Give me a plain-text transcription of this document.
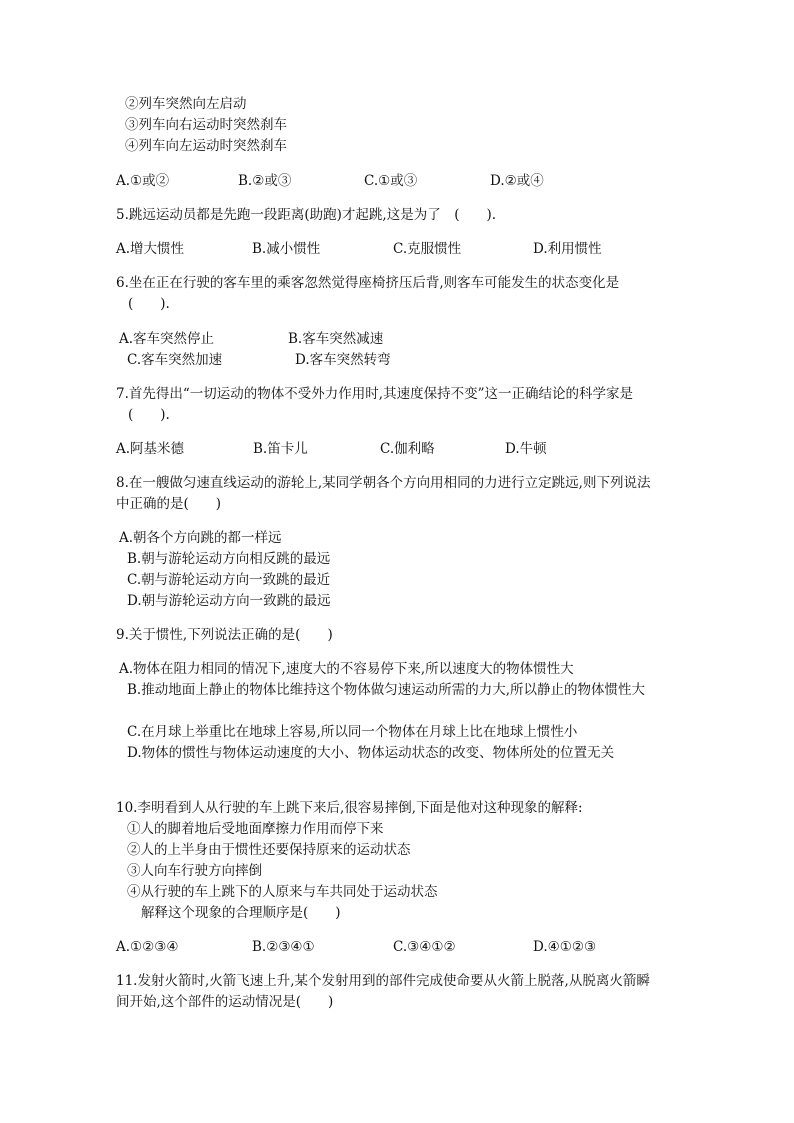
②列车突然向左启动
③列车向右运动时突然刹车
④列车向左运动时突然刹车
A.①或②	B.②或③	C.①或③	D.②或④
5.跳远运动员都是先跑一段距离(助跑)才起跳,这是为了　(　　).
A.增大惯性	B.减小惯性	C.克服惯性	D.利用惯性
6.坐在正在行驶的客车里的乘客忽然觉得座椅挤压后背,则客车可能发生的状态变化是
(　　).
A.客车突然停止	B.客车突然减速
C.客车突然加速	D.客车突然转弯
7.首先得出“一切运动的物体不受外力作用时,其速度保持不变”这一正确结论的科学家是
(　　).
A.阿基米德	B.笛卡儿	C.伽利略	D.牛顿
8.在一艘做匀速直线运动的游轮上,某同学朝各个方向用相同的力进行立定跳远,则下列说法
中正确的是(　　)
A.朝各个方向跳的都一样远
B.朝与游轮运动方向相反跳的最远
C.朝与游轮运动方向一致跳的最近
D.朝与游轮运动方向一致跳的最远
9.关于惯性,下列说法正确的是(　　)
A.物体在阻力相同的情况下,速度大的不容易停下来,所以速度大的物体惯性大
B.推动地面上静止的物体比维持这个物体做匀速运动所需的力大,所以静止的物体惯性大
C.在月球上举重比在地球上容易,所以同一个物体在月球上比在地球上惯性小
D.物体的惯性与物体运动速度的大小、物体运动状态的改变、物体所处的位置无关
10.李明看到人从行驶的车上跳下来后,很容易摔倒,下面是他对这种现象的解释:
①人的脚着地后受地面摩擦力作用而停下来
②人的上半身由于惯性还要保持原来的运动状态
③人向车行驶方向摔倒
④从行驶的车上跳下的人原来与车共同处于运动状态
解释这个现象的合理顺序是(　　)
A.①②③④	B.②③④①	C.③④①②	D.④①②③
11.发射火箭时,火箭飞速上升,某个发射用到的部件完成使命要从火箭上脱落,从脱离火箭瞬
间开始,这个部件的运动情况是(　　)
